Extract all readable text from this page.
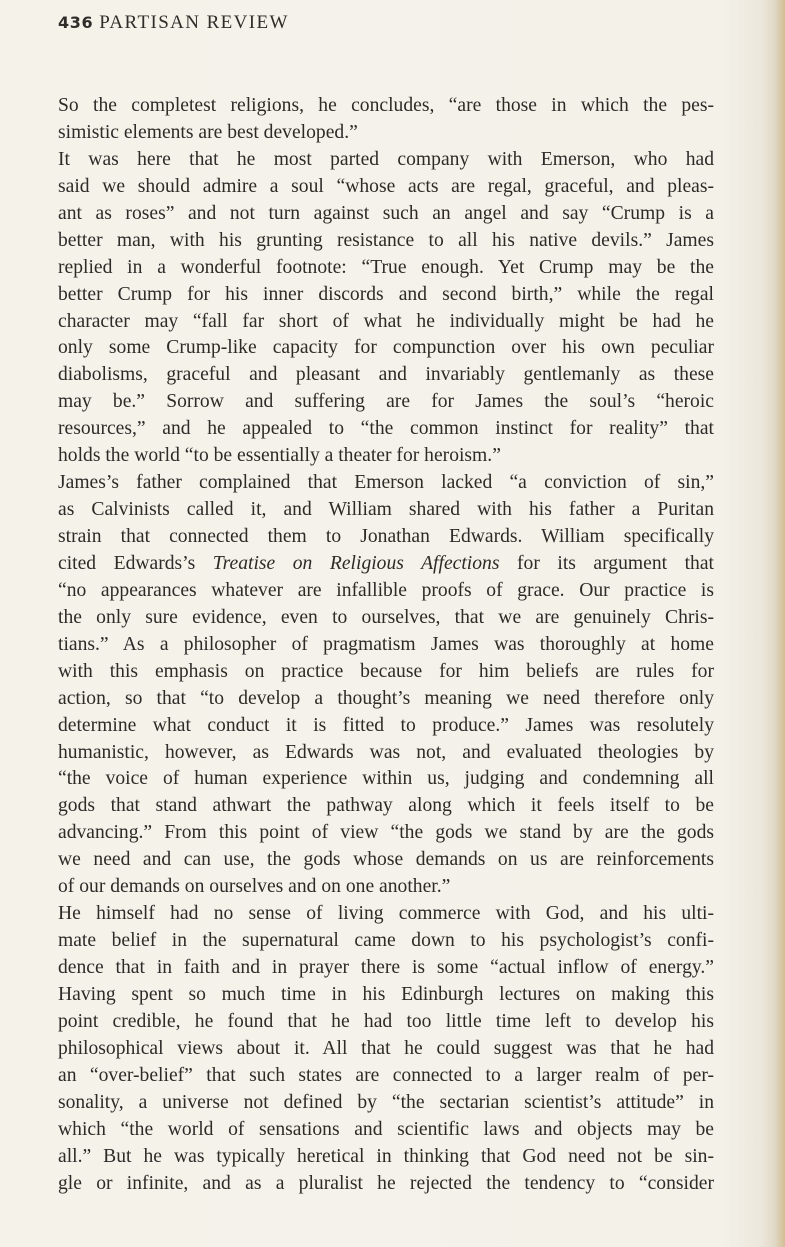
436 PARTISAN REVIEW
So the completest religions, he concludes, “are those in which the pes-
simistic elements are best developed.”
It was here that he most parted company with Emerson, who had
said we should admire a soul “whose acts are regal, graceful, and pleas-
ant as roses” and not turn against such an angel and say “Crump is a
better man, with his grunting resistance to all his native devils.” James
replied in a wonderful footnote: “True enough. Yet Crump may be the
better Crump for his inner discords and second birth,” while the regal
character may “fall far short of what he individually might be had he
only some Crump-like capacity for compunction over his own peculiar
diabolisms, graceful and pleasant and invariably gentlemanly as these
may be.” Sorrow and suffering are for James the soul’s “heroic
resources,” and he appealed to “the common instinct for reality” that
holds the world “to be essentially a theater for heroism.”
James’s father complained that Emerson lacked “a conviction of sin,”
as Calvinists called it, and William shared with his father a Puritan
strain that connected them to Jonathan Edwards. William specifically
cited Edwards’s Treatise on Religious Affections for its argument that
“no appearances whatever are infallible proofs of grace. Our practice is
the only sure evidence, even to ourselves, that we are genuinely Chris-
tians.” As a philosopher of pragmatism James was thoroughly at home
with this emphasis on practice because for him beliefs are rules for
action, so that “to develop a thought’s meaning we need therefore only
determine what conduct it is fitted to produce.” James was resolutely
humanistic, however, as Edwards was not, and evaluated theologies by
“the voice of human experience within us, judging and condemning all
gods that stand athwart the pathway along which it feels itself to be
advancing.” From this point of view “the gods we stand by are the gods
we need and can use, the gods whose demands on us are reinforcements
of our demands on ourselves and on one another.”
He himself had no sense of living commerce with God, and his ulti-
mate belief in the supernatural came down to his psychologist’s confi-
dence that in faith and in prayer there is some “actual inflow of energy.”
Having spent so much time in his Edinburgh lectures on making this
point credible, he found that he had too little time left to develop his
philosophical views about it. All that he could suggest was that he had
an “over-belief” that such states are connected to a larger realm of per-
sonality, a universe not defined by “the sectarian scientist’s attitude” in
which “the world of sensations and scientific laws and objects may be
all.” But he was typically heretical in thinking that God need not be sin-
gle or infinite, and as a pluralist he rejected the tendency to “consider
